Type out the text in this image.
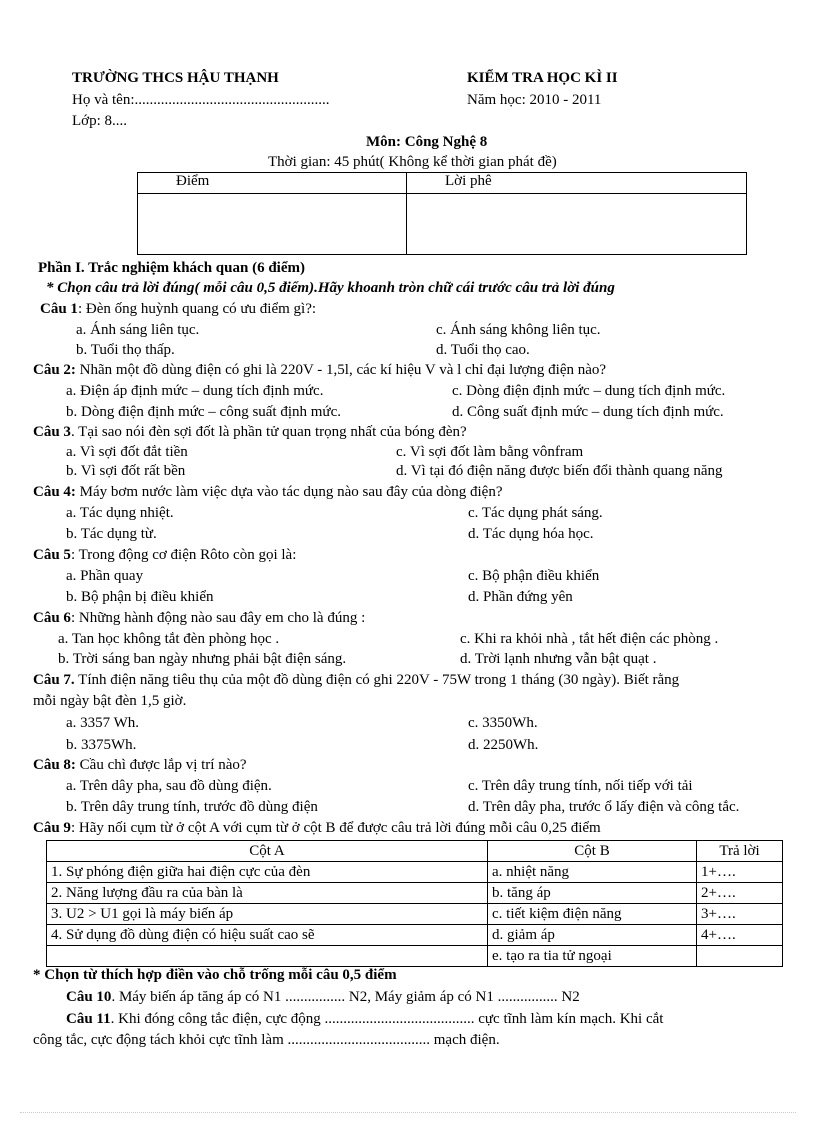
TRƯỜNG THCS HẬU THẠNH	KIỂM TRA HỌC KÌ II
Họ và tên:....................................................	Năm học: 2010 - 2011
Lớp: 8....
Môn: Công Nghệ 8
Thời gian: 45 phút( Không kể thời gian phát đề)
Điểm	Lời phê

Phần I. Trắc nghiệm khách quan (6 điểm)
* Chọn câu trả lời đúng( mỗi câu 0,5 điểm).Hãy khoanh tròn chữ cái trước câu trả lời đúng
Câu 1: Đèn ống huỳnh quang có ưu điểm gì?:
a. Ánh sáng liên tục.	c. Ánh sáng không liên tục.
b. Tuổi thọ thấp.	d. Tuổi thọ cao.
Câu 2: Nhãn một đồ dùng điện có ghi là 220V - 1,5l, các kí hiệu V và l chỉ đại lượng điện nào?
a. Điện áp định mức – dung tích định mức.	c. Dòng điện định mức – dung tích định mức.
b. Dòng điện định mức – công suất định mức.	d. Công suất định mức – dung tích định mức.
Câu 3. Tại sao nói đèn sợi đốt là phần tử quan trọng nhất của bóng đèn?
a. Vì sợi đốt đắt tiền	c. Vì sợi đốt làm bằng vônfram
b. Vì sợi đốt rất bền	d. Vì tại đó điện năng được biến đổi thành quang năng
Câu 4: Máy bơm nước làm việc dựa vào tác dụng nào sau đây của dòng điện?
a. Tác dụng nhiệt.	c. Tác dụng phát sáng.
b. Tác dụng từ.	d. Tác dụng hóa học.
Câu 5: Trong động cơ điện Rôto còn gọi là:
a. Phần quay	c. Bộ phận điều khiển
b. Bộ phận bị điều khiển	d. Phần đứng yên
Câu 6: Những hành động nào sau đây em cho là đúng :
a. Tan học không tắt đèn phòng học .	c. Khi ra khỏi nhà , tắt hết điện các phòng .
b. Trời sáng ban ngày nhưng phải bật điện sáng.	d. Trời lạnh nhưng vẫn bật quạt .
Câu 7. Tính điện năng tiêu thụ của một đồ dùng điện có ghi 220V - 75W trong 1 tháng (30 ngày). Biết rằng
mỗi ngày bật đèn 1,5 giờ.
a. 3357 Wh.	c. 3350Wh.
b. 3375Wh.	d. 2250Wh.
Câu 8: Cầu chì được lắp vị trí nào?
a. Trên dây pha, sau đồ dùng điện.	c. Trên dây trung tính, nối tiếp với tải
b. Trên dây trung tính, trước đồ dùng điện	d. Trên dây pha, trước ổ lấy điện và công tắc.
Câu 9: Hãy nối cụm từ ở cột A với cụm từ ở cột B để được câu trả lời đúng mỗi câu 0,25 điểm
Cột A	Cột B	Trả lời
1. Sự phóng điện giữa hai điện cực của đèn	a. nhiệt năng	1+….
2. Năng lượng đầu ra của bàn là	b. tăng áp	2+….
3. U2 > U1 gọi là máy biến áp	c. tiết kiệm điện năng	3+….
4. Sử dụng đồ dùng điện có hiệu suất cao sẽ	d. giảm áp	4+….
	e. tạo ra tia tử ngoại	
* Chọn từ thích hợp điền vào chỗ trống mỗi câu 0,5 điểm
Câu 10. Máy biến áp tăng áp có N1 ................ N2, Máy giảm áp có N1 ................ N2
Câu 11. Khi đóng công tắc điện, cực động ........................................ cực tĩnh làm kín mạch. Khi cắt
công tắc, cực động tách khỏi cực tĩnh làm ...................................... mạch điện.
